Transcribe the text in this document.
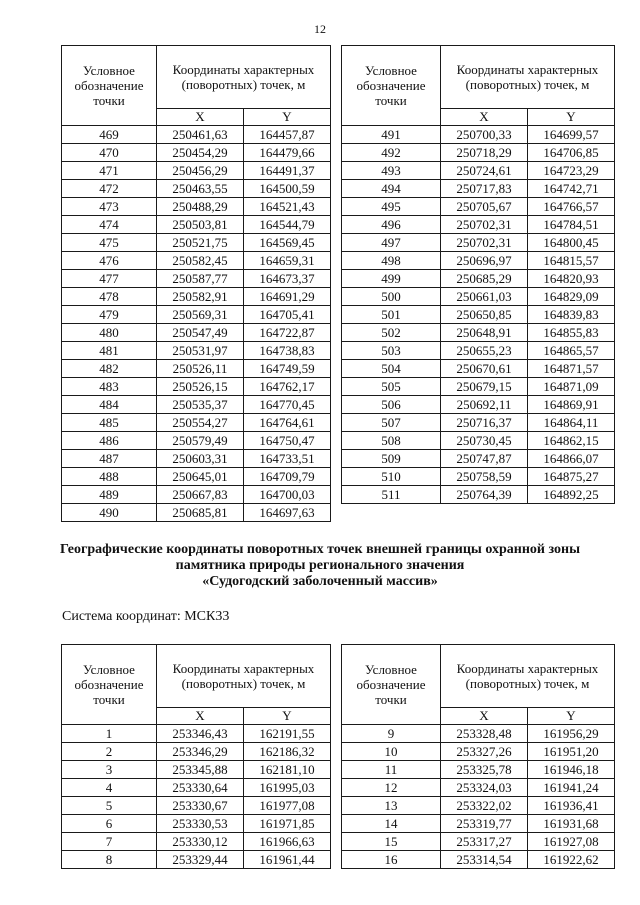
12
Условное обозначение точки	Координаты характерных (поворотных) точек, м	
	X	Y
469	250461,63	164457,87
470	250454,29	164479,66
471	250456,29	164491,37
472	250463,55	164500,59
473	250488,29	164521,43
474	250503,81	164544,79
475	250521,75	164569,45
476	250582,45	164659,31
477	250587,77	164673,37
478	250582,91	164691,29
479	250569,31	164705,41
480	250547,49	164722,87
481	250531,97	164738,83
482	250526,11	164749,59
483	250526,15	164762,17
484	250535,37	164770,45
485	250554,27	164764,61
486	250579,49	164750,47
487	250603,31	164733,51
488	250645,01	164709,79
489	250667,83	164700,03
490	250685,81	164697,63
Условное обозначение точки	Координаты характерных (поворотных) точек, м	
	X	Y
491	250700,33	164699,57
492	250718,29	164706,85
493	250724,61	164723,29
494	250717,83	164742,71
495	250705,67	164766,57
496	250702,31	164784,51
497	250702,31	164800,45
498	250696,97	164815,57
499	250685,29	164820,93
500	250661,03	164829,09
501	250650,85	164839,83
502	250648,91	164855,83
503	250655,23	164865,57
504	250670,61	164871,57
505	250679,15	164871,09
506	250692,11	164869,91
507	250716,37	164864,11
508	250730,45	164862,15
509	250747,87	164866,07
510	250758,59	164875,27
511	250764,39	164892,25
Географические координаты поворотных точек внешней границы охранной зоны
памятника природы регионального значения
«Судогодский заболоченный массив»
Система координат: МСК33
Условное обозначение точки	Координаты характерных (поворотных) точек, м	
	X	Y
1	253346,43	162191,55
2	253346,29	162186,32
3	253345,88	162181,10
4	253330,64	161995,03
5	253330,67	161977,08
6	253330,53	161971,85
7	253330,12	161966,63
8	253329,44	161961,44
Условное обозначение точки	Координаты характерных (поворотных) точек, м	
	X	Y
9	253328,48	161956,29
10	253327,26	161951,20
11	253325,78	161946,18
12	253324,03	161941,24
13	253322,02	161936,41
14	253319,77	161931,68
15	253317,27	161927,08
16	253314,54	161922,62
